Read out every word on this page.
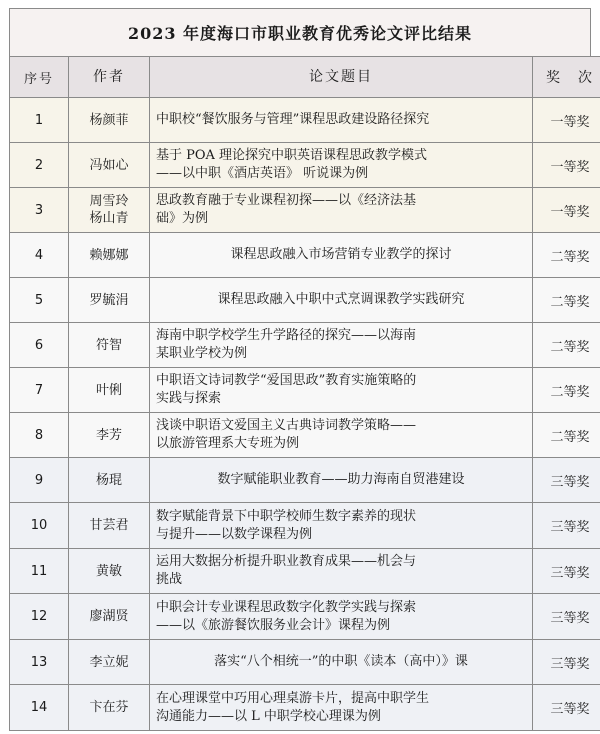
2023 年度海口市职业教育优秀论文评比结果
序号	作者	论文题目	奖　次
1	杨颜菲	中职校“餐饮服务与管理”课程思政建设路径探究	一等奖
2	冯如心	基于 POA 理论探究中职英语课程思政教学模式
——以中职《酒店英语》 听说课为例	一等奖
3	周雪玲
杨山青	思政教育融于专业课程初探——以《经济法基
础》为例	一等奖
4	赖娜娜	课程思政融入市场营销专业教学的探讨	二等奖
5	罗毓涓	课程思政融入中职中式烹调课教学实践研究	二等奖
6	符智	海南中职学校学生升学路径的探究——以海南
某职业学校为例	二等奖
7	叶俐	中职语文诗词教学“爱国思政”教育实施策略的
实践与探索	二等奖
8	李芳	浅谈中职语文爱国主义古典诗词教学策略——
以旅游管理系大专班为例	二等奖
9	杨琨	数字赋能职业教育——助力海南自贸港建设	三等奖
10	甘芸君	数字赋能背景下中职学校师生数字素养的现状
与提升——以数学课程为例	三等奖
11	黄敏	运用大数据分析提升职业教育成果——机会与
挑战	三等奖
12	廖湖贤	中职会计专业课程思政数字化教学实践与探索
——以《旅游餐饮服务业会计》课程为例	三等奖
13	李立妮	落实“八个相统一”的中职《读本（高中）》课	三等奖
14	卞在芬	在心理课堂中巧用心理桌游卡片，提高中职学生
沟通能力——以 L 中职学校心理课为例	三等奖
